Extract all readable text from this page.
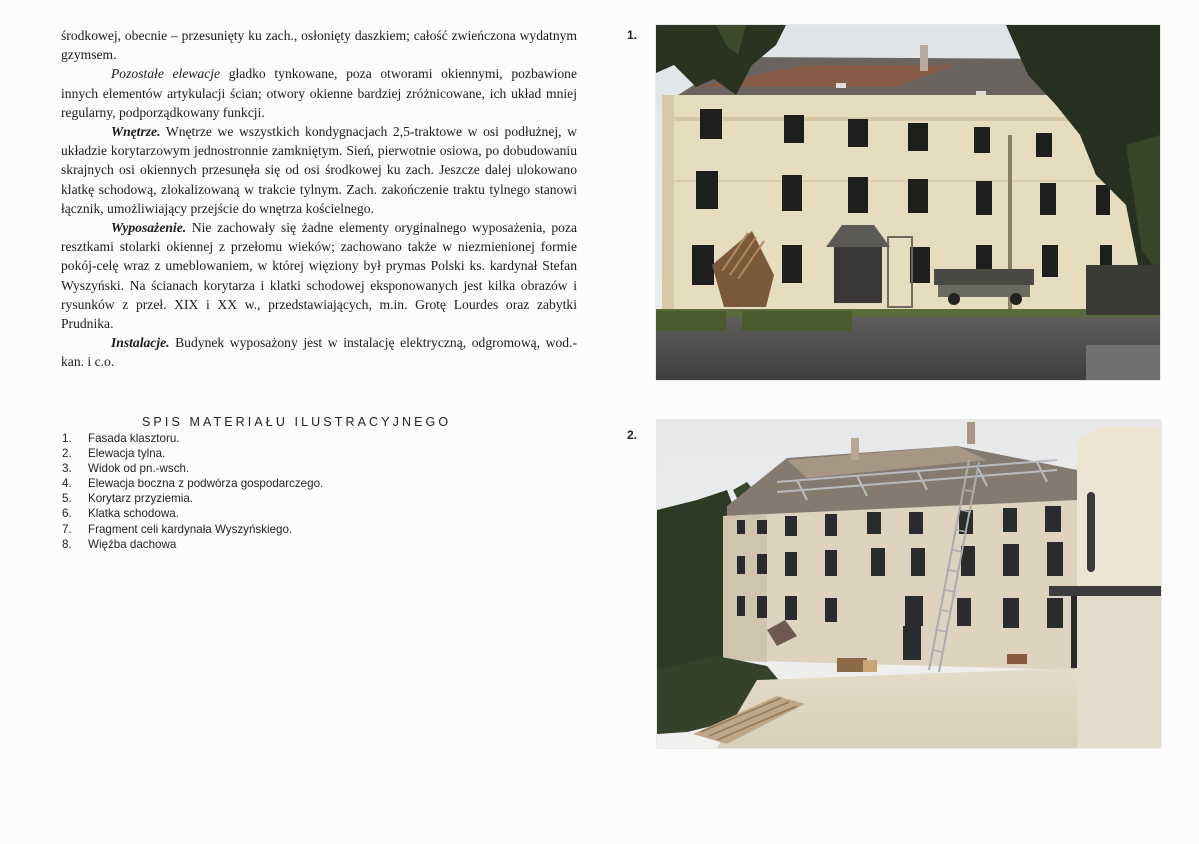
środkowej, obecnie – przesunięty ku zach., osłonięty daszkiem; całość zwieńczona wydatnym gzymsem.

Pozostałe elewacje gładko tynkowane, poza otworami okiennymi, pozbawione innych elementów artykulacji ścian; otwory okienne bardziej zróżnicowane, ich układ mniej regularny, podporządkowany funkcji.

Wnętrze. Wnętrze we wszystkich kondygnacjach 2,5-traktowe w osi podłużnej, w układzie korytarzowym jednostronnie zamkniętym. Sień, pierwotnie osiowa, po dobudowaniu skrajnych osi okiennych przesunęła się od osi środkowej ku zach. Jeszcze dalej ulokowano klatkę schodową, zlokalizowaną w trakcie tylnym. Zach. zakończenie traktu tylnego stanowi łącznik, umożliwiający przejście do wnętrza kościelnego.

Wyposażenie. Nie zachowały się żadne elementy oryginalnego wyposażenia, poza resztkami stolarki okiennej z przełomu wieków; zachowano także w niezmienionej formie pokój-celę wraz z umeblowaniem, w której więziony był prymas Polski ks. kardynał Stefan Wyszyński. Na ścianach korytarza i klatki schodowej eksponowanych jest kilka obrazów i rysunków z przeł. XIX i XX w., przedstawiających, m.in. Grotę Lourdes oraz zabytki Prudnika.

Instalacje. Budynek wyposażony jest w instalację elektryczną, odgromową, wod.-kan. i c.o.

SPIS MATERIAŁU ILUSTRACYJNEGO
1.	Fasada klasztoru.
2.	Elewacja tylna.
3.	Widok od pn.-wsch.
4.	Elewacja boczna z podwórza gospodarczego.
5.	Korytarz przyziemia.
6.	Klatka schodowa.
7.	Fragment celi kardynała Wyszyńskiego.
8.	Więźba dachowa
1.
2.
